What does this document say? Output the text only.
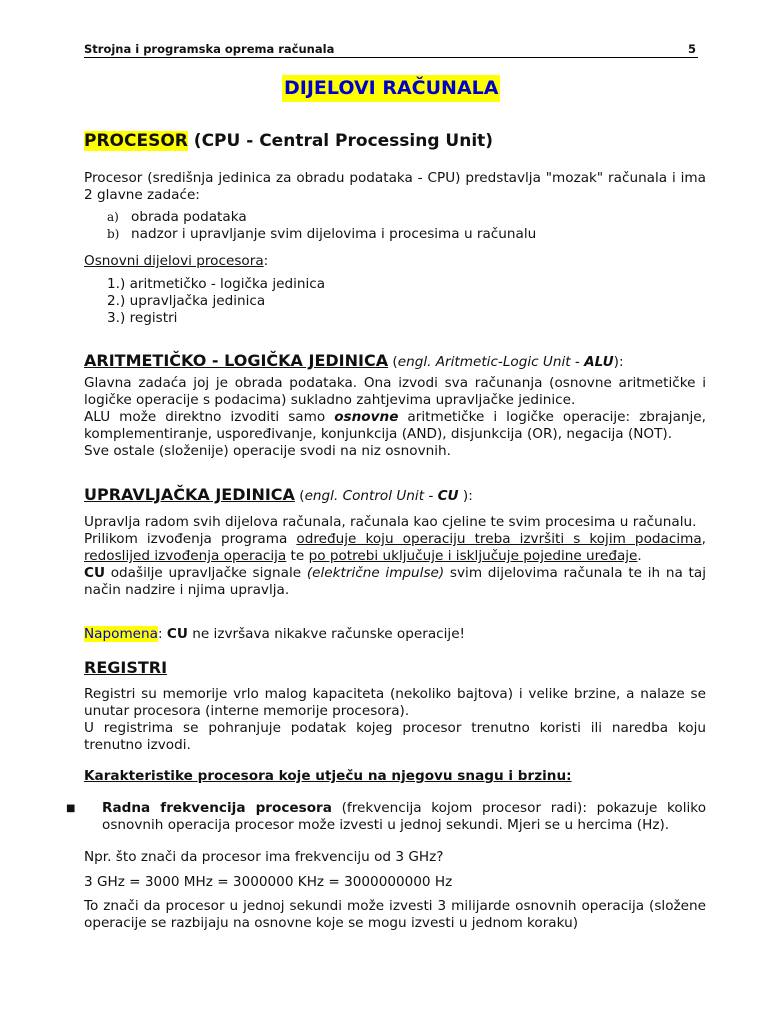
Strojna i programska oprema računala	5
DIJELOVI RAČUNALA
PROCESOR (CPU - Central Processing Unit)
Procesor (središnja jedinica za obradu podataka - CPU) predstavlja "mozak" računala i ima 2 glavne zadaće:
a) obrada podataka
b) nadzor i upravljanje svim dijelovima i procesima u računalu
Osnovni dijelovi procesora:
1.) aritmetičko - logička jedinica
2.) upravljačka jedinica
3.) registri
ARITMETIČKO - LOGIČKA JEDINICA (engl. Aritmetic-Logic Unit - ALU):
Glavna zadaća joj je obrada podataka. Ona izvodi sva računanja (osnovne aritmetičke i logičke operacije s podacima) sukladno zahtjevima upravljačke jedinice.
ALU može direktno izvoditi samo osnovne aritmetičke i logičke operacije: zbrajanje, komplementiranje, uspoređivanje, konjunkcija (AND), disjunkcija (OR), negacija (NOT).
Sve ostale (složenije) operacije svodi na niz osnovnih.
UPRAVLJAČKA JEDINICA (engl. Control Unit - CU ):
Upravlja radom svih dijelova računala, računala kao cjeline te svim procesima u računalu.
Prilikom izvođenja programa određuje koju operaciju treba izvršiti s kojim podacima, redoslijed izvođenja operacija te po potrebi uključuje i isključuje pojedine uređaje.
CU odašilje upravljačke signale (električne impulse) svim dijelovima računala te ih na taj način nadzire i njima upravlja.
Napomena: CU ne izvršava nikakve računske operacije!
REGISTRI
Registri su memorije vrlo malog kapaciteta (nekoliko bajtova) i velike brzine, a nalaze se unutar procesora (interne memorije procesora).
U registrima se pohranjuje podatak kojeg procesor trenutno koristi ili naredba koju trenutno izvodi.
Karakteristike procesora koje utječu na njegovu snagu i brzinu:
■ Radna frekvencija procesora (frekvencija kojom procesor radi): pokazuje koliko osnovnih operacija procesor može izvesti u jednoj sekundi. Mjeri se u hercima (Hz).
Npr. što znači da procesor ima frekvenciju od 3 GHz?
3 GHz = 3000 MHz = 3000000 KHz = 3000000000 Hz
To znači da procesor u jednoj sekundi može izvesti 3 milijarde osnovnih operacija (složene operacije se razbijaju na osnovne koje se mogu izvesti u jednom koraku)
